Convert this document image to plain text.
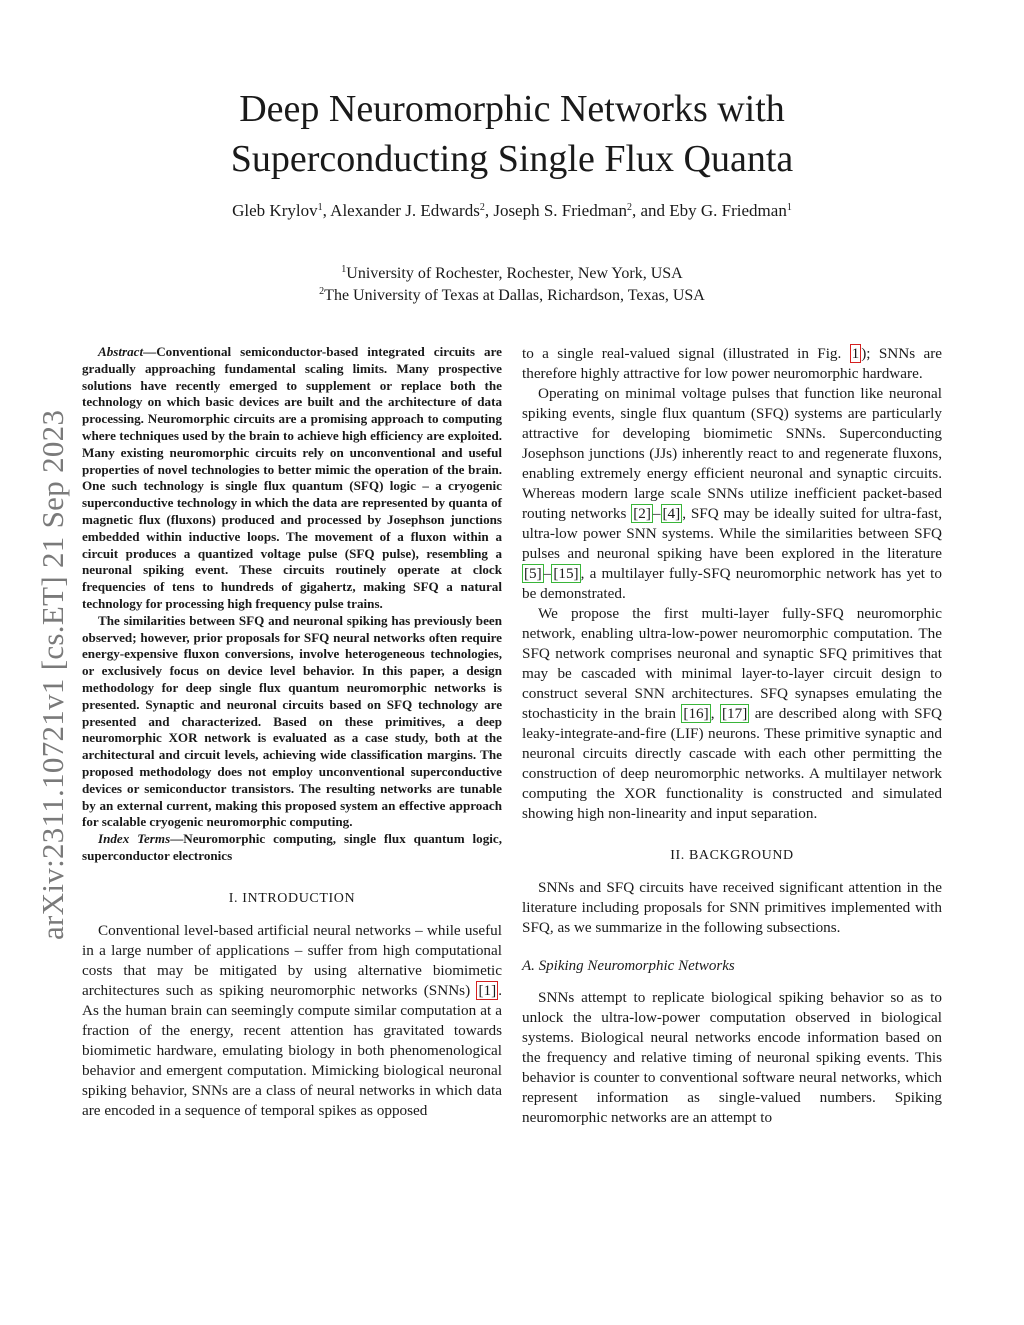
Deep Neuromorphic Networks with
Superconducting Single Flux Quanta
Gleb Krylov$^1$, Alexander J. Edwards$^2$, Joseph S. Friedman$^2$, and Eby G. Friedman$^1$
$^1$University of Rochester, Rochester, New York, USA
$^2$The University of Texas at Dallas, Richardson, Texas, USA
arXiv:2311.10721v1 [cs.ET] 21 Sep 2023

Abstract—Conventional semiconductor-based integrated circuits are gradually approaching fundamental scaling limits. Many prospective solutions have recently emerged to supplement or replace both the technology on which basic devices are built and the architecture of data processing. Neuromorphic circuits are a promising approach to computing where techniques used by the brain to achieve high efficiency are exploited. Many existing neuromorphic circuits rely on unconventional and useful properties of novel technologies to better mimic the operation of the brain. One such technology is single flux quantum (SFQ) logic – a cryogenic superconductive technology in which the data are represented by quanta of magnetic flux (fluxons) produced and processed by Josephson junctions embedded within inductive loops. The movement of a fluxon within a circuit produces a quantized voltage pulse (SFQ pulse), resembling a neuronal spiking event. These circuits routinely operate at clock frequencies of tens to hundreds of gigahertz, making SFQ a natural technology for processing high frequency pulse trains.

The similarities between SFQ and neuronal spiking has previously been observed; however, prior proposals for SFQ neural networks often require energy-expensive fluxon conversions, involve heterogeneous technologies, or exclusively focus on device level behavior. In this paper, a design methodology for deep single flux quantum neuromorphic networks is presented. Synaptic and neuronal circuits based on SFQ technology are presented and characterized. Based on these primitives, a deep neuromorphic XOR network is evaluated as a case study, both at the architectural and circuit levels, achieving wide classification margins. The proposed methodology does not employ unconventional superconductive devices or semiconductor transistors. The resulting networks are tunable by an external current, making this proposed system an effective approach for scalable cryogenic neuromorphic computing.

Index Terms—Neuromorphic computing, single flux quantum logic, superconductor electronics

I. INTRODUCTION

Conventional level-based artificial neural networks – while useful in a large number of applications – suffer from high computational costs that may be mitigated by using alternative biomimetic architectures such as spiking neuromorphic networks (SNNs) [1] . As the human brain can seemingly compute similar computation at a fraction of the energy, recent attention has gravitated towards biomimetic hardware, emulating biology in both phenomenological behavior and emergent computation. Mimicking biological neuronal spiking behavior, SNNs are a class of neural networks in which data are encoded in a sequence of temporal spikes as opposed

to a single real-valued signal (illustrated in Fig. 1 ); SNNs are therefore highly attractive for low power neuromorphic hardware.

Operating on minimal voltage pulses that function like neuronal spiking events, single flux quantum (SFQ) systems are particularly attractive for developing biomimetic SNNs. Superconducting Josephson junctions (JJs) inherently react to and regenerate fluxons, enabling extremely energy efficient neuronal and synaptic circuits. Whereas modern large scale SNNs utilize inefficient packet-based routing networks [2] – [4] , SFQ may be ideally suited for ultra-fast, ultra-low power SNN systems. While the similarities between SFQ pulses and neuronal spiking have been explored in the literature [5] – [15] , a multilayer fully-SFQ neuromorphic network has yet to be demonstrated.

We propose the first multi-layer fully-SFQ neuromorphic network, enabling ultra-low-power neuromorphic computation. The SFQ network comprises neuronal and synaptic SFQ primitives that may be cascaded with minimal layer-to-layer circuit design to construct several SNN architectures. SFQ synapses emulating the stochasticity in the brain [16] , [17] are described along with SFQ leaky-integrate-and-fire (LIF) neurons. These primitive synaptic and neuronal circuits directly cascade with each other permitting the construction of deep neuromorphic networks. A multilayer network computing the XOR functionality is constructed and simulated showing high non-linearity and input separation.

II. BACKGROUND

SNNs and SFQ circuits have received significant attention in the literature including proposals for SNN primitives implemented with SFQ, as we summarize in the following subsections.

A. Spiking Neuromorphic Networks

SNNs attempt to replicate biological spiking behavior so as to unlock the ultra-low-power computation observed in biological systems. Biological neural networks encode information based on the frequency and relative timing of neuronal spiking events. This behavior is counter to conventional software neural networks, which represent information as single-valued numbers. Spiking neuromorphic networks are an attempt to
